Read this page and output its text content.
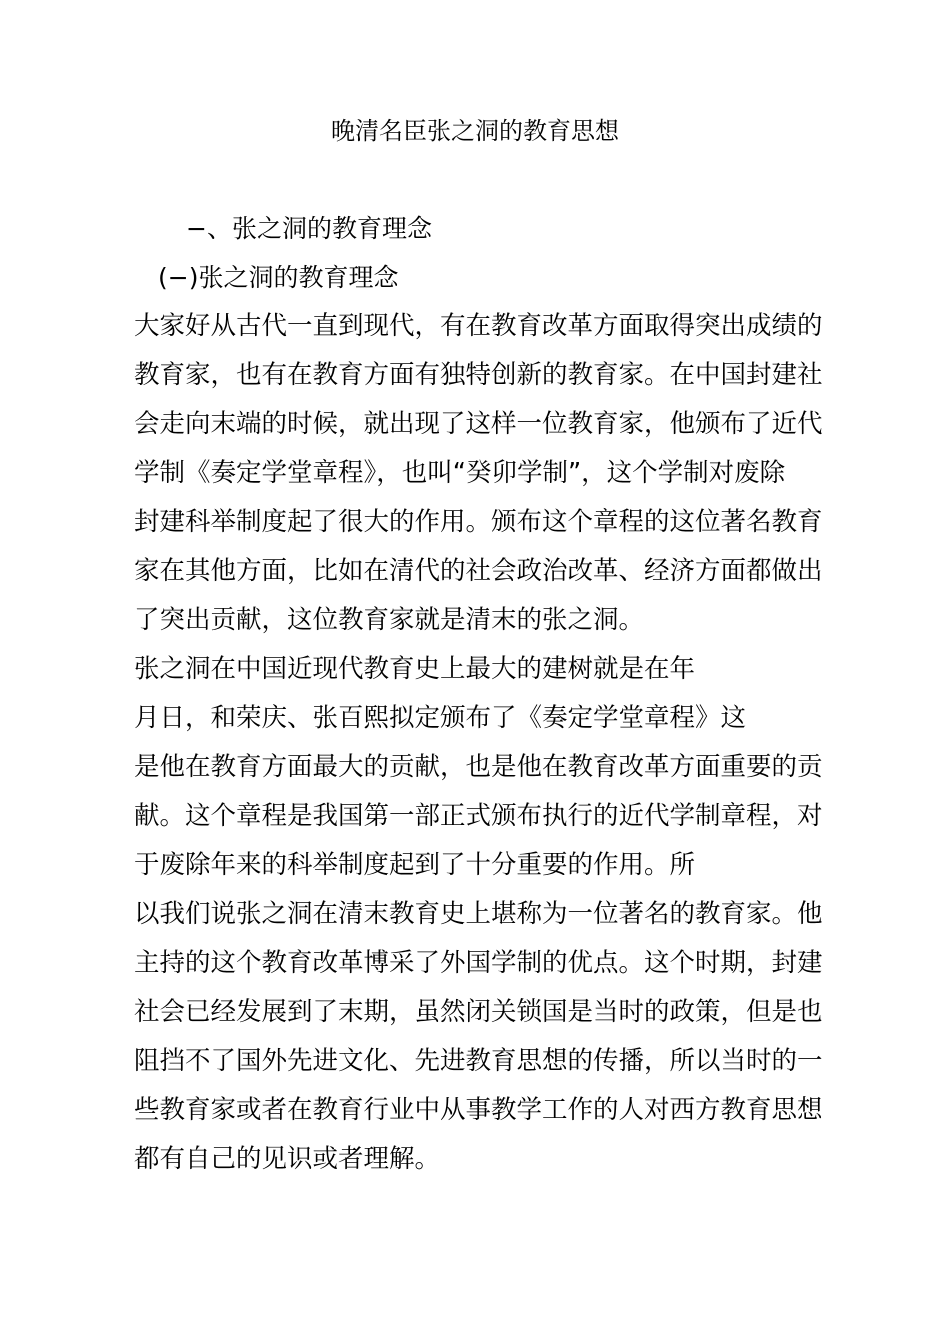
晚清名臣张之洞的教育思想
−、张之洞的教育理念
(−)张之洞的教育理念
大家好从古代一直到现代，有在教育改革方面取得突出成绩的
教育家，也有在教育方面有独特创新的教育家。在中国封建社
会走向末端的时候，就出现了这样一位教育家，他颁布了近代
学制《奏定学堂章程》，也叫“癸卯学制”，这个学制对废除
封建科举制度起了很大的作用。颁布这个章程的这位著名教育
家在其他方面，比如在清代的社会政治改革、经济方面都做出
了突出贡献，这位教育家就是清末的张之洞。
张之洞在中国近现代教育史上最大的建树就是在年
月日，和荣庆、张百熙拟定颁布了《奏定学堂章程》这
是他在教育方面最大的贡献，也是他在教育改革方面重要的贡
献。这个章程是我国第一部正式颁布执行的近代学制章程，对
于废除年来的科举制度起到了十分重要的作用。所
以我们说张之洞在清末教育史上堪称为一位著名的教育家。他
主持的这个教育改革博采了外国学制的优点。这个时期，封建
社会已经发展到了末期，虽然闭关锁国是当时的政策，但是也
阻挡不了国外先进文化、先进教育思想的传播，所以当时的一
些教育家或者在教育行业中从事教学工作的人对西方教育思想
都有自己的见识或者理解。
